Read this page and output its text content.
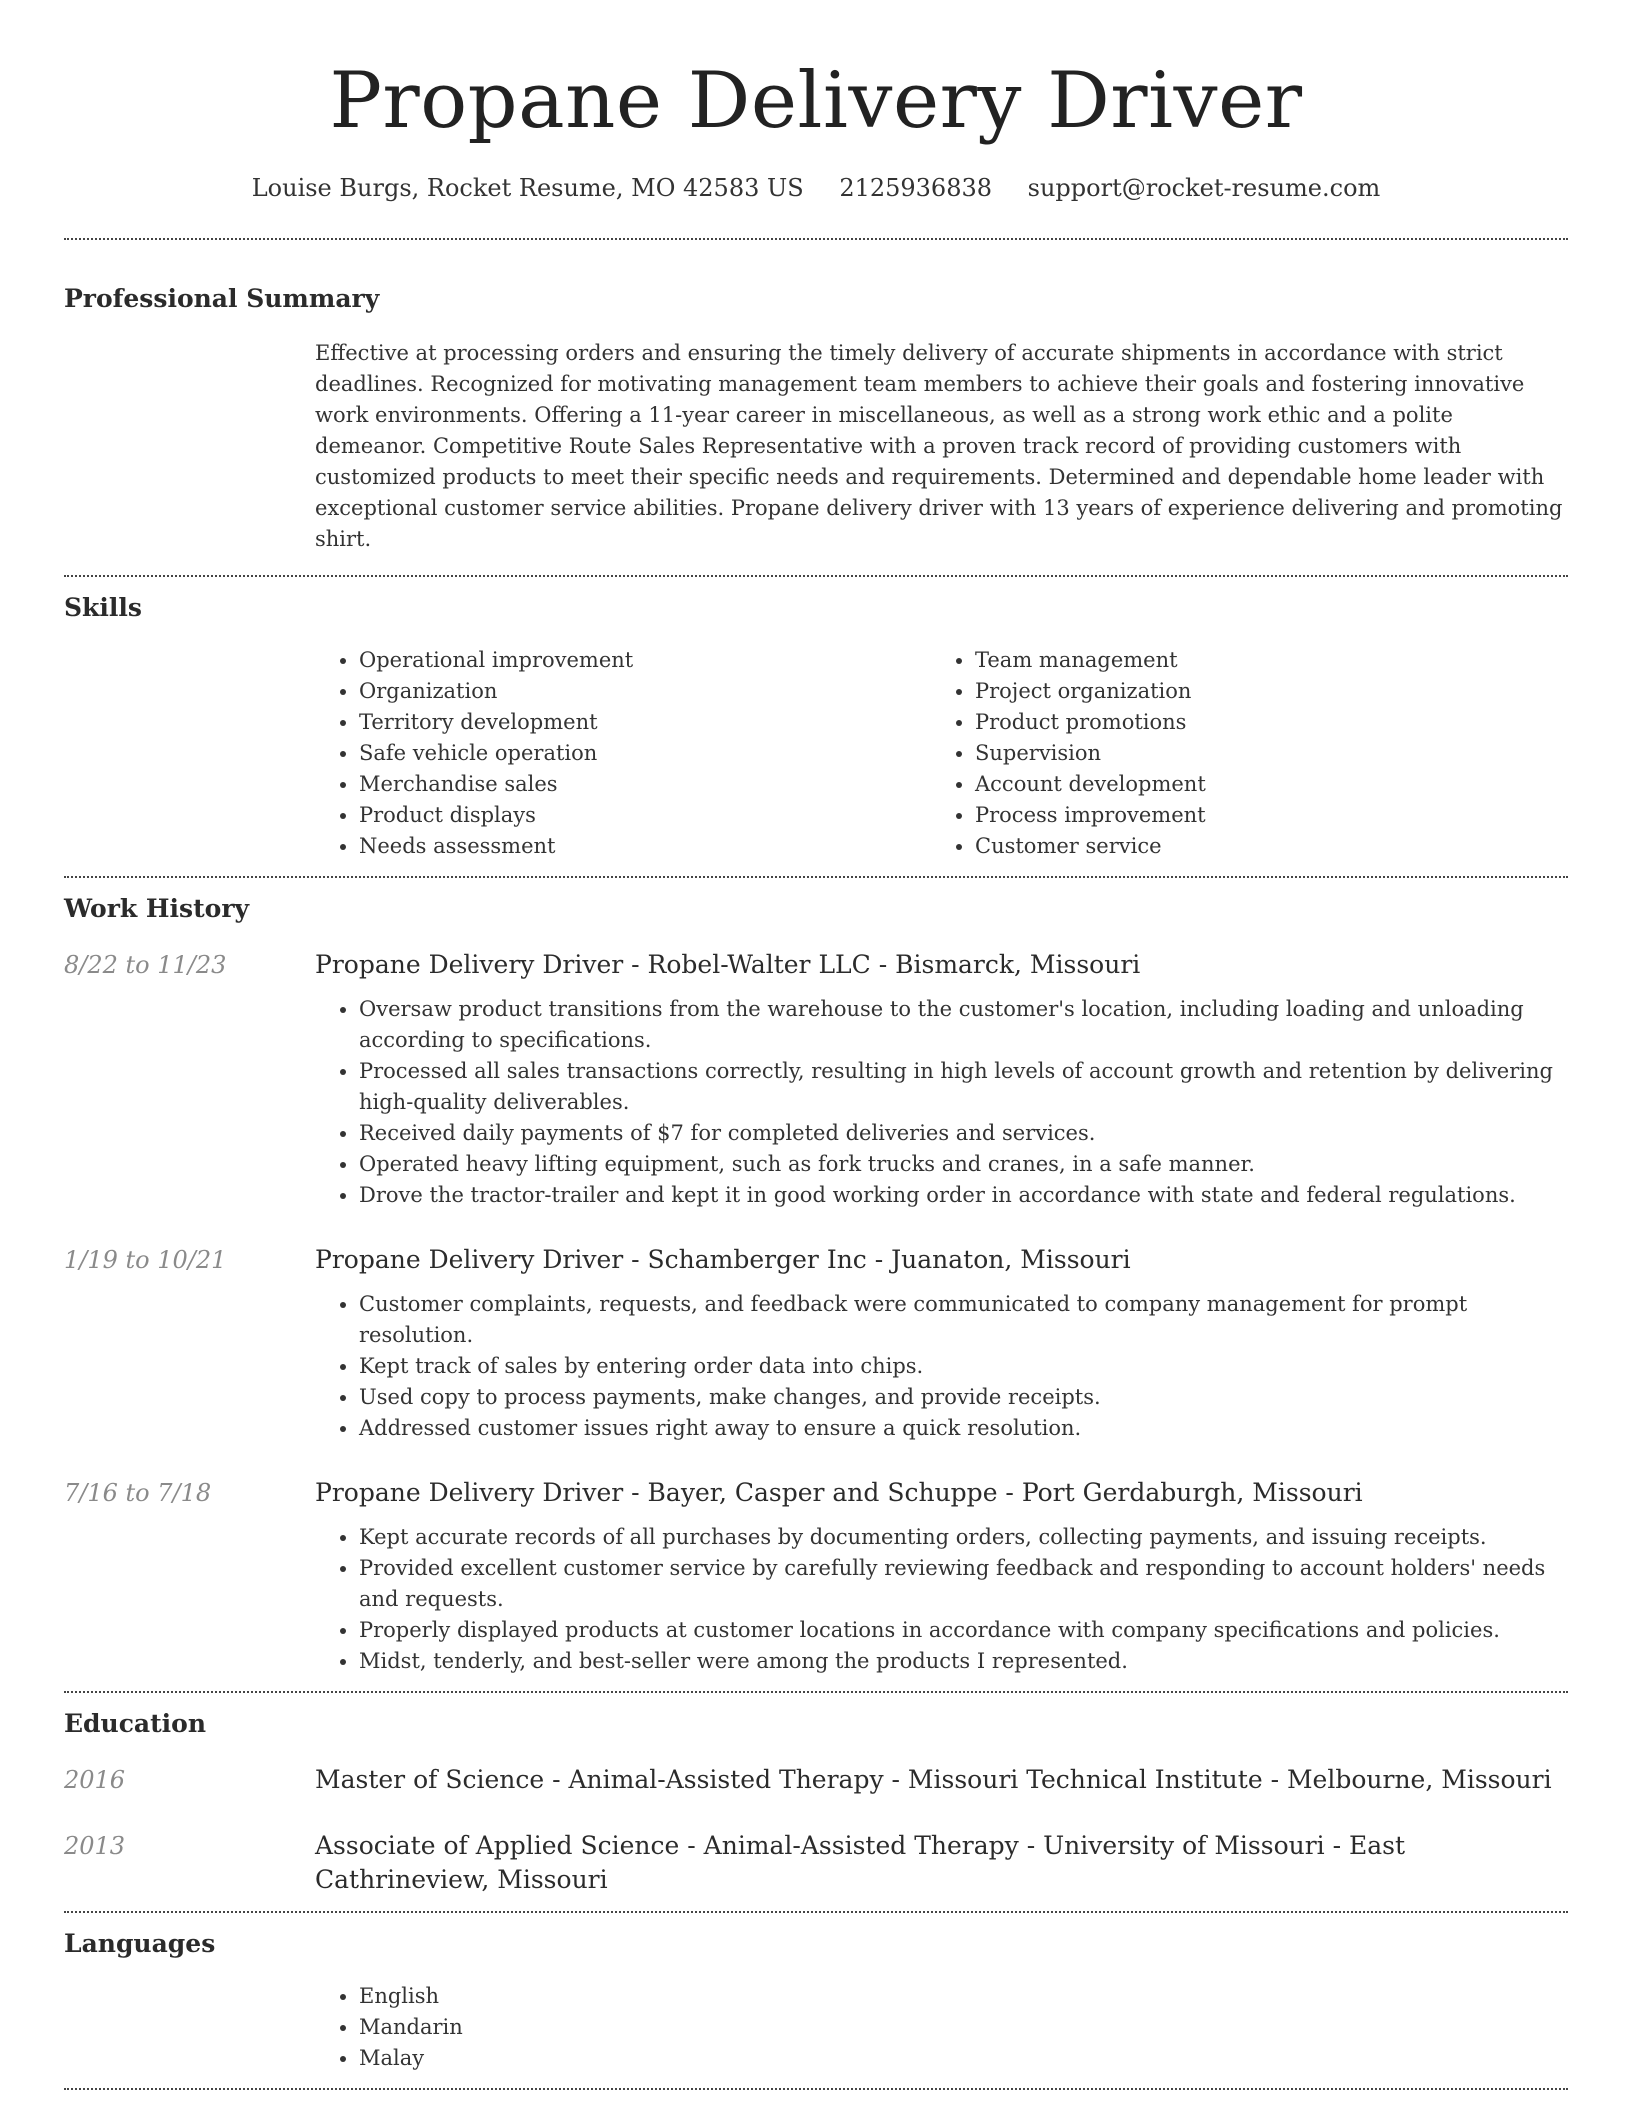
Propane Delivery Driver
Louise Burgs, Rocket Resume, MO 42583 US 2125936838 support@rocket-resume.com
Professional Summary
Effective at processing orders and ensuring the timely delivery of accurate shipments in accordance with strict deadlines. Recognized for motivating management team members to achieve their goals and fostering innovative work environments. Offering a 11-year career in miscellaneous, as well as a strong work ethic and a polite demeanor. Competitive Route Sales Representative with a proven track record of providing customers with customized products to meet their specific needs and requirements. Determined and dependable home leader with exceptional customer service abilities. Propane delivery driver with 13 years of experience delivering and promoting shirt.
Skills
• Operational improvement
• Organization
• Territory development
• Safe vehicle operation
• Merchandise sales
• Product displays
• Needs assessment
• Team management
• Project organization
• Product promotions
• Supervision
• Account development
• Process improvement
• Customer service
Work History
8/22 to 11/23	Propane Delivery Driver - Robel-Walter LLC - Bismarck, Missouri
• Oversaw product transitions from the warehouse to the customer's location, including loading and unloading according to specifications.
• Processed all sales transactions correctly, resulting in high levels of account growth and retention by delivering high-quality deliverables.
• Received daily payments of $7 for completed deliveries and services.
• Operated heavy lifting equipment, such as fork trucks and cranes, in a safe manner.
• Drove the tractor-trailer and kept it in good working order in accordance with state and federal regulations.
1/19 to 10/21	Propane Delivery Driver - Schamberger Inc - Juanaton, Missouri
• Customer complaints, requests, and feedback were communicated to company management for prompt resolution.
• Kept track of sales by entering order data into chips.
• Used copy to process payments, make changes, and provide receipts.
• Addressed customer issues right away to ensure a quick resolution.
7/16 to 7/18	Propane Delivery Driver - Bayer, Casper and Schuppe - Port Gerdaburgh, Missouri
• Kept accurate records of all purchases by documenting orders, collecting payments, and issuing receipts.
• Provided excellent customer service by carefully reviewing feedback and responding to account holders' needs and requests.
• Properly displayed products at customer locations in accordance with company specifications and policies.
• Midst, tenderly, and best-seller were among the products I represented.
Education
2016	Master of Science - Animal-Assisted Therapy - Missouri Technical Institute - Melbourne, Missouri
2013	Associate of Applied Science - Animal-Assisted Therapy - University of Missouri - East Cathrineview, Missouri
Languages
• English
• Mandarin
• Malay
